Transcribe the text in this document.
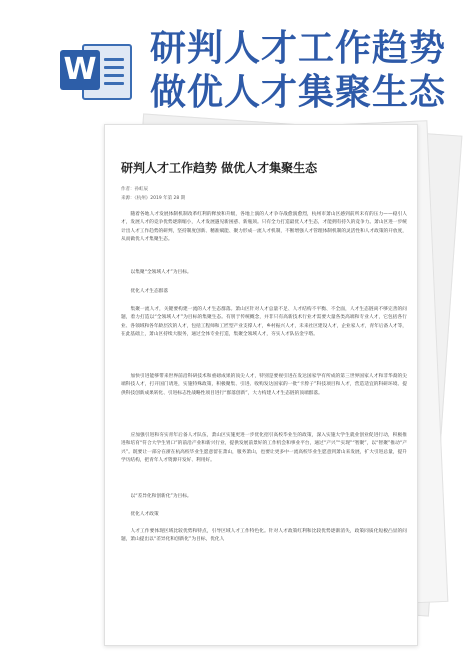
W
研判人才工作趋势
做优人才集聚生态
研判人才工作趋势 做优人才集聚生态
作者：孙虹辰
来源：《杭州》2019 年第 28 期
随着各地人才发展体制机制改革红利的释放和升级，各地上演的人才争夺战愈演愈烈，杭州市萧山区感到前所未有的压力——稳引人才，发展人才的竞争优势逐渐缩小，人才发展遇见新困惑、新瓶颈。只有全力打造最优人才生态，才能拥有持久的竞争力。萧山区进一步统计出人才工作趋势的研判，坚持制度创新、精准赋能、聚力形成一流人才机制，不断增强人才管理体制机制的灵活性和人才政策的开放度，从而做优人才集聚生态。
以集聚“全领域人才”为目标。
优化人才生态群落
集聚一流人才，关键要构建一流的人才生态群落。萧山区针对人才总量不足、人才结构不平衡、不全面，人才生态链尚不够完善的问题，着力打造以“全领域人才”为目标的集聚生态。有别于传统概念，并非只有高新技术行业才需要大量各类高端和专业人才，它包括各行业、各领域和各年龄层次的人才，包括工程师和工匠型产业支撑人才，乡村振兴人才，未来社区建设人才，企业家人才，青年后备人才等，在此基础上，萧山区持续大服务，通过全体专业打造，集聚全领域人才，夯实人才队伍金字塔。
加快引进能够带来世界前沿科研技术和重磅成果的顶尖人才，特别是要视引进在发达国家学有所成的第三世界国家人才和非华裔的尖端科技人才，打开国门请进，实施特殊政策，积极聚集、引进、收购发达国家的一批“卡脖子”科技项目和人才，营造适宜的科研环境、提供科技创新成果转化、引进标志性战略性项目进行“群落创新”，大力构建人才生态链的顶端群落。
应加强引进和夯实青年后备人才队伍，萧山区实施更进一步优化招引高校毕业生的政策，深入实施大学生就业创业促进行动，积极推进和培育“符合大学生胃口”的前沿产业和新兴行业，提供发展前景好的工作机会和事业平台，通过“产兴”“实现”“智聚”，以“智聚”推动“产兴”。既要让一部分在浙在杭高校毕业生愿意留在萧山，服务萧山，也要让更多中一流高校毕业生愿意到萧山来发展，扩大引进总量，提升学历结构，把青年人才资源开发好、利用好。
以“差异化和创新化”为目标。
优化人才政策
人才工作要体现区域比较优势和特点，引导区域人才工作特色化。针对人才政策红利和比较优势逐渐消失，政策同质化短板凸显的问题，萧山提出以“差异化和创新化”为目标，优化人
